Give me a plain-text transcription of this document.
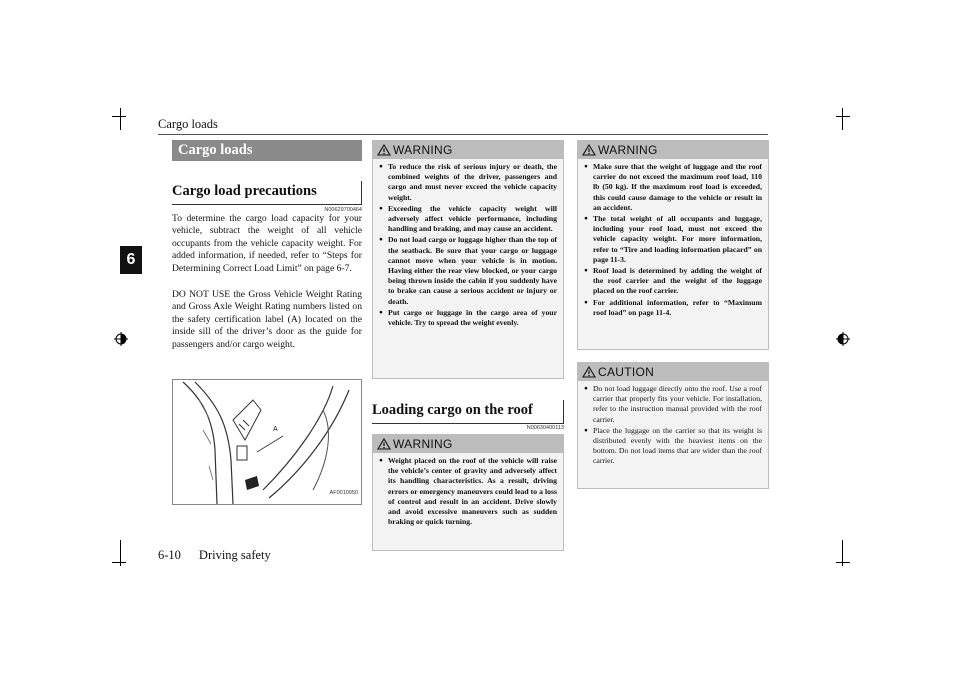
Cargo loads
6
Cargo loads
Cargo load precautions
N00629700464
To determine the cargo load capacity for your vehicle, subtract the weight of all vehicle occupants from the vehicle capacity weight. For added information, if needed, refer to “Steps for Determining Correct Load Limit” on page 6-7.
DO NOT USE the Gross Vehicle Weight Rating and Gross Axle Weight Rating numbers listed on the safety certification label (A) located on the inside sill of the driver’s door as the guide for passengers and/or cargo weight.
A
AF0010950
WARNING
● To reduce the risk of serious injury or death, the combined weights of the driver, passengers and cargo and must never exceed the vehicle capacity weight.
● Exceeding the vehicle capacity weight will adversely affect vehicle performance, including handling and braking, and may cause an accident.
● Do not load cargo or luggage higher than the top of the seatback. Be sure that your cargo or luggage cannot move when your vehicle is in motion. Having either the rear view blocked, or your cargo being thrown inside the cabin if you suddenly have to brake can cause a serious accident or injury or death.
● Put cargo or luggage in the cargo area of your vehicle. Try to spread the weight evenly.
Loading cargo on the roof
N00630400113
WARNING
● Weight placed on the roof of the vehicle will raise the vehicle’s center of gravity and adversely affect its handling characteristics. As a result, driving errors or emergency maneuvers could lead to a loss of control and result in an accident. Drive slowly and avoid excessive maneuvers such as sudden braking or quick turning.
WARNING
● Make sure that the weight of luggage and the roof carrier do not exceed the maximum roof load, 110 lb (50 kg). If the maximum roof load is exceeded, this could cause damage to the vehicle or result in an accident.
● The total weight of all occupants and luggage, including your roof load, must not exceed the vehicle capacity weight. For more information, refer to “Tire and loading information placard” on page 11-3.
● Roof load is determined by adding the weight of the roof carrier and the weight of the luggage placed on the roof carrier.
● For additional information, refer to “Maximum roof load” on page 11-4.
CAUTION
● Do not load luggage directly onto the roof. Use a roof carrier that properly fits your vehicle. For installation, refer to the instruction manual provided with the roof carrier.
● Place the luggage on the carrier so that its weight is distributed evenly with the heaviest items on the bottom. Do not load items that are wider than the roof carrier.
6-10 Driving safety
